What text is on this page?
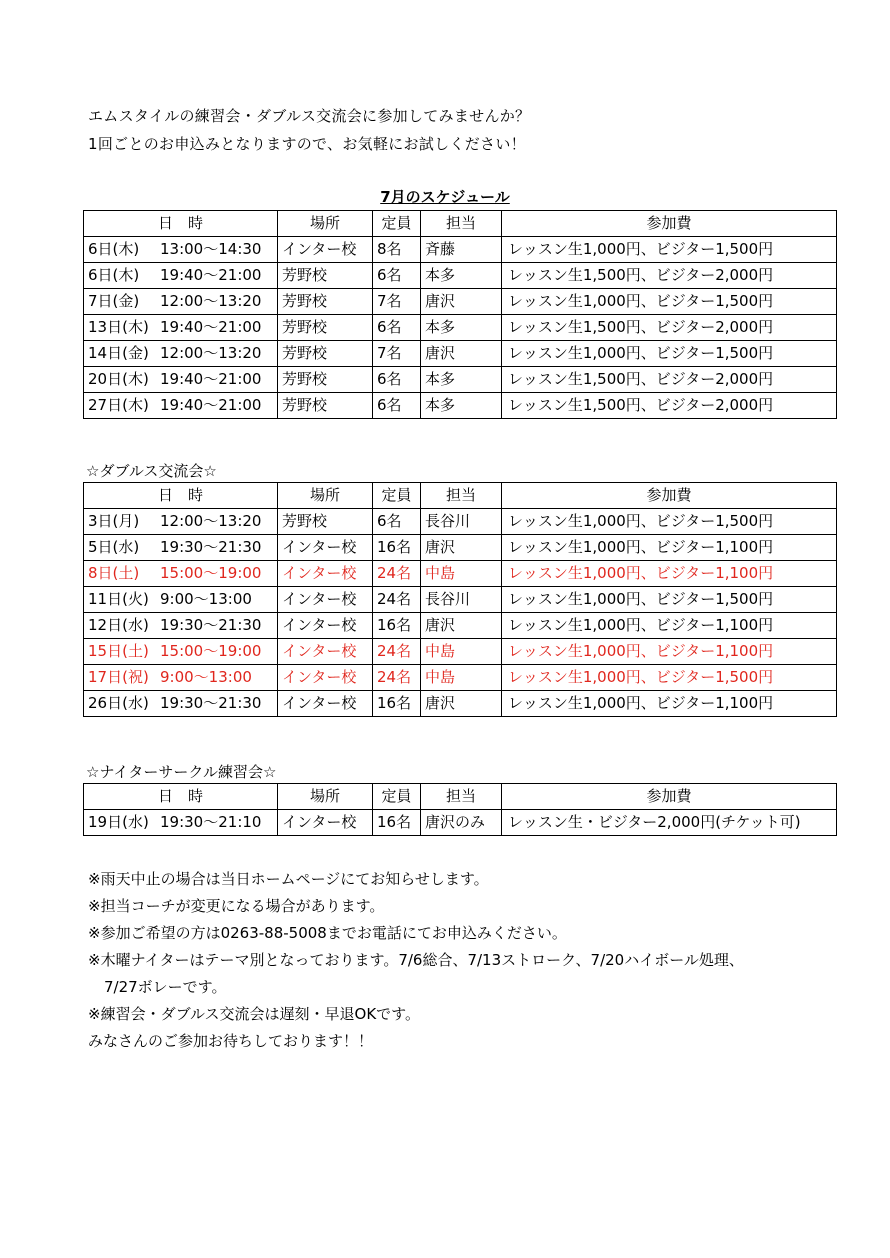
エムスタイルの練習会・ダブルス交流会に参加してみませんか？
1回ごとのお申込みとなりますので、お気軽にお試しください！
7月のスケジュール
日　時	場所	定員	担当	参加費
6日(木) 13:00～14:30	インター校	8名	斉藤	レッスン生1,000円、ビジター1,500円
6日(木) 19:40～21:00	芳野校	6名	本多	レッスン生1,500円、ビジター2,000円
7日(金) 12:00～13:20	芳野校	7名	唐沢	レッスン生1,000円、ビジター1,500円
13日(木) 19:40～21:00	芳野校	6名	本多	レッスン生1,500円、ビジター2,000円
14日(金) 12:00～13:20	芳野校	7名	唐沢	レッスン生1,000円、ビジター1,500円
20日(木) 19:40～21:00	芳野校	6名	本多	レッスン生1,500円、ビジター2,000円
27日(木) 19:40～21:00	芳野校	6名	本多	レッスン生1,500円、ビジター2,000円
☆ダブルス交流会☆
日　時	場所	定員	担当	参加費
3日(月) 12:00～13:20	芳野校	6名	長谷川	レッスン生1,000円、ビジター1,500円
5日(水) 19:30～21:30	インター校	16名	唐沢	レッスン生1,000円、ビジター1,100円
8日(土) 15:00～19:00	インター校	24名	中島	レッスン生1,000円、ビジター1,100円
11日(火) 9:00～13:00	インター校	24名	長谷川	レッスン生1,000円、ビジター1,500円
12日(水) 19:30～21:30	インター校	16名	唐沢	レッスン生1,000円、ビジター1,100円
15日(土) 15:00～19:00	インター校	24名	中島	レッスン生1,000円、ビジター1,100円
17日(祝) 9:00～13:00	インター校	24名	中島	レッスン生1,000円、ビジター1,500円
26日(水) 19:30～21:30	インター校	16名	唐沢	レッスン生1,000円、ビジター1,100円
☆ナイターサークル練習会☆
日　時	場所	定員	担当	参加費
19日(水) 19:30～21:10	インター校	16名	唐沢のみ	レッスン生・ビジター2,000円(チケット可)
※雨天中止の場合は当日ホームページにてお知らせします。
※担当コーチが変更になる場合があります。
※参加ご希望の方は0263-88-5008までお電話にてお申込みください。
※木曜ナイターはテーマ別となっております。7/6総合、7/13ストローク、7/20ハイボール処理、
7/27ボレーです。
※練習会・ダブルス交流会は遅刻・早退OKです。
みなさんのご参加お待ちしております！！
